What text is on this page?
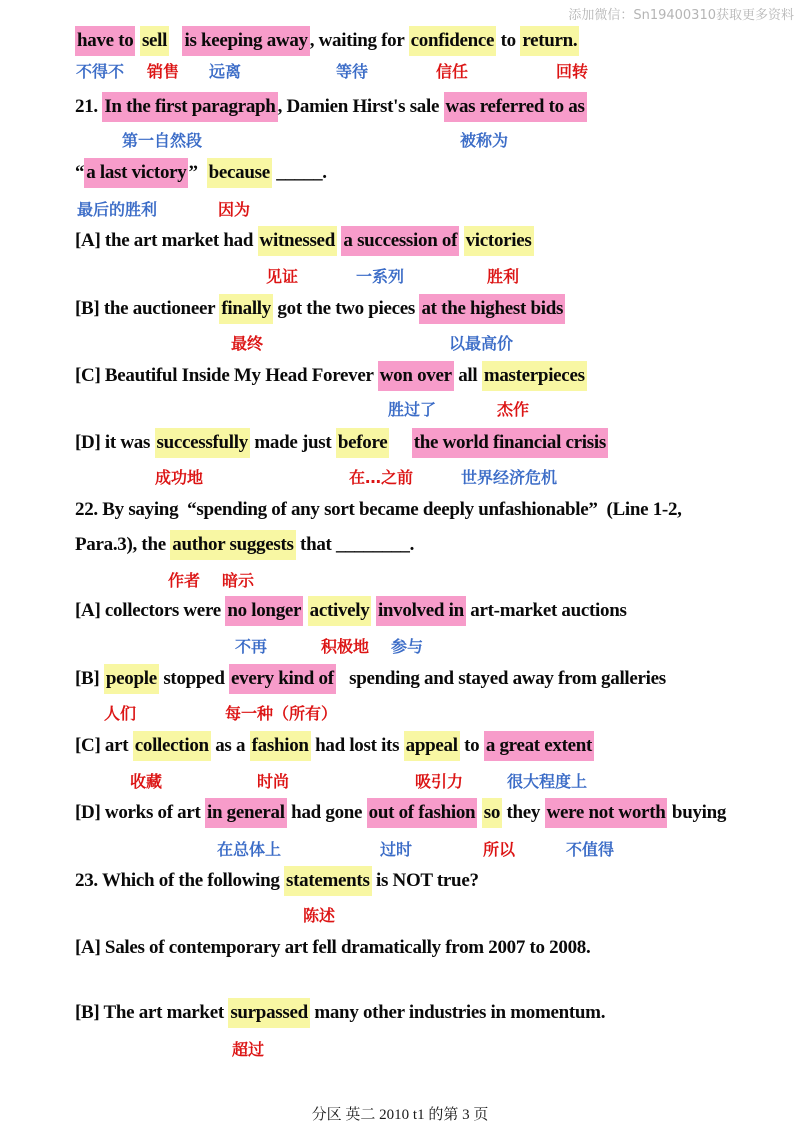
添加微信：Sn19400310获取更多资料
have to sell is keeping away , waiting for confidence to return.
不得不 销售 远离	等待	信任	回转
21. In the first paragraph , Damien Hirst's sale was referred to as
第一自然段	被称为
“ a last victory ”  because _____.
最后的胜利	因为
[A] the art market had witnessed a succession of victories
见证	一系列	胜利
[B] the auctioneer finally got the two pieces at the highest bids
最终	以最高价
[C] Beautiful Inside My Head Forever won over all masterpieces
胜过了	杰作
[D] it was successfully made just before the world financial crisis
成功地	在…之前	世界经济危机
22. By saying  “spending of any sort became deeply unfashionable”  (Line 1-2,
Para.3), the author suggests that ________.
作者 暗示
[A] collectors were no longer actively involved in art-market auctions
不再	积极地 参与
[B] people stopped every kind of   spending and stayed away from galleries
人们	每一种（所有）
[C] art collection as a fashion had lost its appeal to a great extent
收藏	时尚	吸引力	很大程度上
[D] works of art in general had gone out of fashion so they were not worth buying
在总体上	过时	所以	不值得
23. Which of the following statements is NOT true?
陈述
[A] Sales of contemporary art fell dramatically from 2007 to 2008.
[B] The art market surpassed many other industries in momentum.
超过
分区 英二 2010 t1 的第 3 页
